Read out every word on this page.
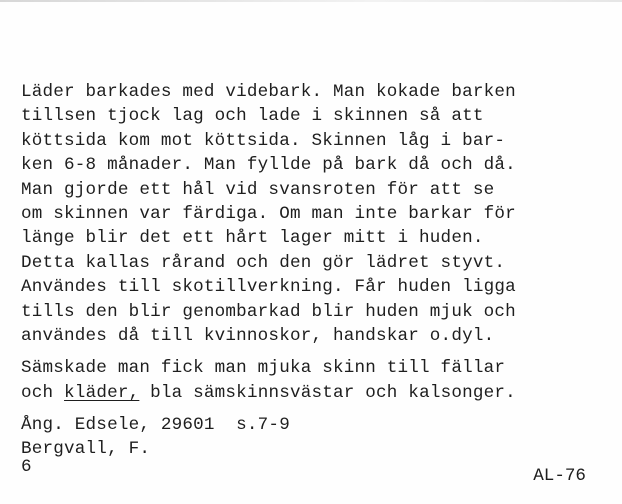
Läder barkades med videbark. Man kokade barken
tillsen tjock lag och lade i skinnen så att
köttsida kom mot köttsida. Skinnen låg i bar-
ken 6-8 månader. Man fyllde på bark då och då.
Man gjorde ett hål vid svansroten för att se
om skinnen var färdiga. Om man inte barkar för
länge blir det ett hårt lager mitt i huden.
Detta kallas rårand och den gör lädret styvt.
Användes till skotillverkning. Får huden ligga
tills den blir genombarkad blir huden mjuk och
användes då till kvinnoskor, handskar o.dyl.
Sämskade man fick man mjuka skinn till fällar
och kläder, bla sämskinnsvästar och kalsonger.
Ång. Edsele, 29601  s.7-9
Bergvall, F.
6	AL-76
